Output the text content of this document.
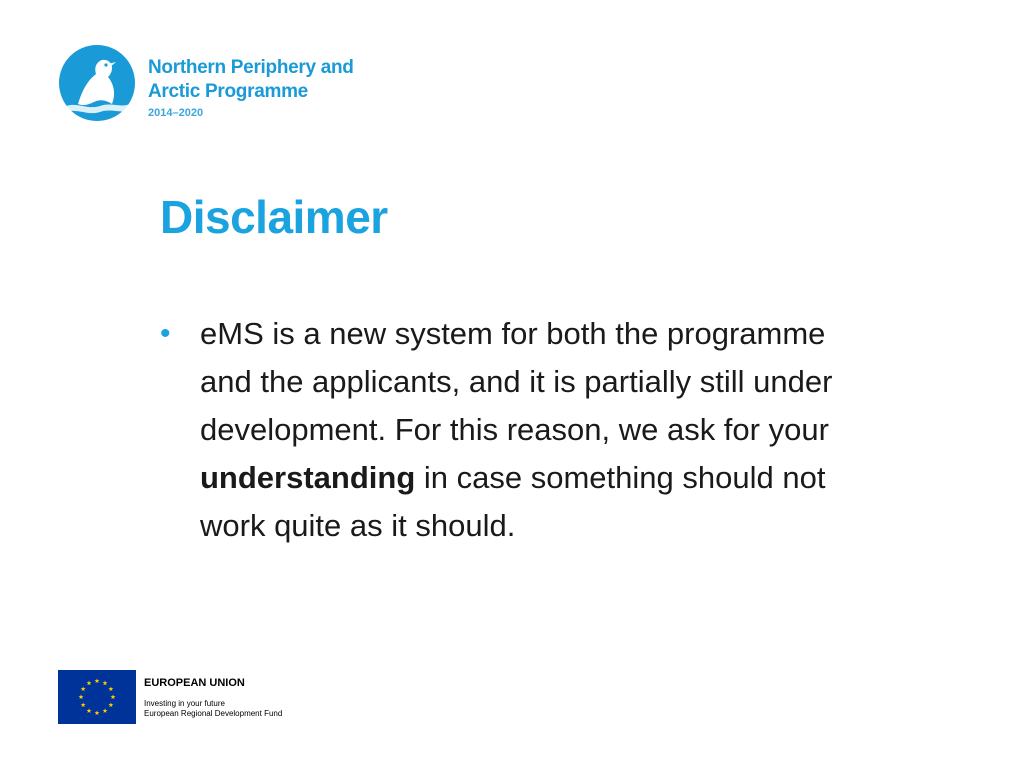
Northern Periphery and
Arctic Programme
2014–2020
Disclaimer
• eMS is a new system for both the programme and the applicants, and it is partially still under development. For this reason, we ask for your understanding in case something should not work quite as it should.
EUROPEAN UNION
Investing in your future
European Regional Development Fund
